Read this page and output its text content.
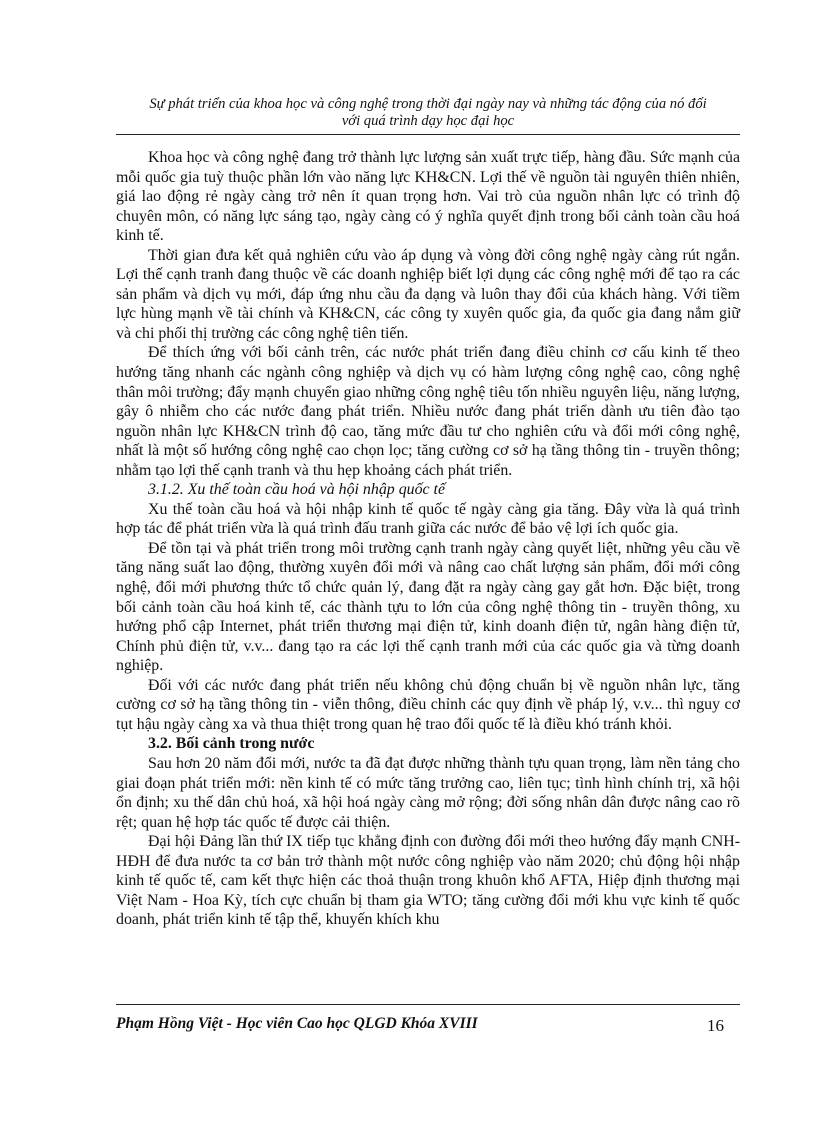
Sự phát triển của khoa học và công nghệ trong thời đại ngày nay và những tác động của nó đối
với quá trình dạy học đại học

Khoa học và công nghệ đang trở thành lực lượng sản xuất trực tiếp, hàng đầu. Sức mạnh của mỗi quốc gia tuỳ thuộc phần lớn vào năng lực KH&CN. Lợi thế về nguồn tài nguyên thiên nhiên, giá lao động rẻ ngày càng trở nên ít quan trọng hơn. Vai trò của nguồn nhân lực có trình độ chuyên môn, có năng lực sáng tạo, ngày càng có ý nghĩa quyết định trong bối cảnh toàn cầu hoá kinh tế.

Thời gian đưa kết quả nghiên cứu vào áp dụng và vòng đời công nghệ ngày càng rút ngắn. Lợi thế cạnh tranh đang thuộc về các doanh nghiệp biết lợi dụng các công nghệ mới để tạo ra các sản phẩm và dịch vụ mới, đáp ứng nhu cầu đa dạng và luôn thay đổi của khách hàng. Với tiềm lực hùng mạnh về tài chính và KH&CN, các công ty xuyên quốc gia, đa quốc gia đang nắm giữ và chi phối thị trường các công nghệ tiên tiến.

Để thích ứng với bối cảnh trên, các nước phát triển đang điều chỉnh cơ cấu kinh tế theo hướng tăng nhanh các ngành công nghiệp và dịch vụ có hàm lượng công nghệ cao, công nghệ thân môi trường; đẩy mạnh chuyển giao những công nghệ tiêu tốn nhiều nguyên liệu, năng lượng, gây ô nhiễm cho các nước đang phát triển. Nhiều nước đang phát triển dành ưu tiên đào tạo nguồn nhân lực KH&CN trình độ cao, tăng mức đầu tư cho nghiên cứu và đổi mới công nghệ, nhất là một số hướng công nghệ cao chọn lọc; tăng cường cơ sở hạ tầng thông tin - truyền thông; nhằm tạo lợi thế cạnh tranh và thu hẹp khoảng cách phát triển.

3.1.2. Xu thế toàn cầu hoá và hội nhập quốc tế

Xu thế toàn cầu hoá và hội nhập kinh tế quốc tế ngày càng gia tăng. Đây vừa là quá trình hợp tác để phát triển vừa là quá trình đấu tranh giữa các nước để bảo vệ lợi ích quốc gia.

Để tồn tại và phát triển trong môi trường cạnh tranh ngày càng quyết liệt, những yêu cầu về tăng năng suất lao động, thường xuyên đổi mới và nâng cao chất lượng sản phẩm, đổi mới công nghệ, đổi mới phương thức tổ chức quản lý, đang đặt ra ngày càng gay gắt hơn. Đặc biệt, trong bối cảnh toàn cầu hoá kinh tế, các thành tựu to lớn của công nghệ thông tin - truyền thông, xu hướng phổ cập Internet, phát triển thương mại điện tử, kinh doanh điện tử, ngân hàng điện tử, Chính phủ điện tử, v.v... đang tạo ra các lợi thế cạnh tranh mới của các quốc gia và từng doanh nghiệp.

Đối với các nước đang phát triển nếu không chủ động chuẩn bị về nguồn nhân lực, tăng cường cơ sở hạ tầng thông tin - viễn thông, điều chỉnh các quy định về pháp lý, v.v... thì nguy cơ tụt hậu ngày càng xa và thua thiệt trong quan hệ trao đổi quốc tế là điều khó tránh khỏi.

3.2. Bối cảnh trong nước

Sau hơn 20 năm đổi mới, nước ta đã đạt được những thành tựu quan trọng, làm nền tảng cho giai đoạn phát triển mới: nền kinh tế có mức tăng trưởng cao, liên tục; tình hình chính trị, xã hội ổn định; xu thế dân chủ hoá, xã hội hoá ngày càng mở rộng; đời sống nhân dân được nâng cao rõ rệt; quan hệ hợp tác quốc tế được cải thiện.

Đại hội Đảng lần thứ IX tiếp tục khẳng định con đường đổi mới theo hướng đẩy mạnh CNH-HĐH để đưa nước ta cơ bản trở thành một nước công nghiệp vào năm 2020; chủ động hội nhập kinh tế quốc tế, cam kết thực hiện các thoả thuận trong khuôn khổ AFTA, Hiệp định thương mại Việt Nam - Hoa Kỳ, tích cực chuẩn bị tham gia WTO; tăng cường đổi mới khu vực kinh tế quốc doanh, phát triển kinh tế tập thể, khuyến khích khu

Phạm Hồng Việt - Học viên Cao học QLGD Khóa XVIII	16
